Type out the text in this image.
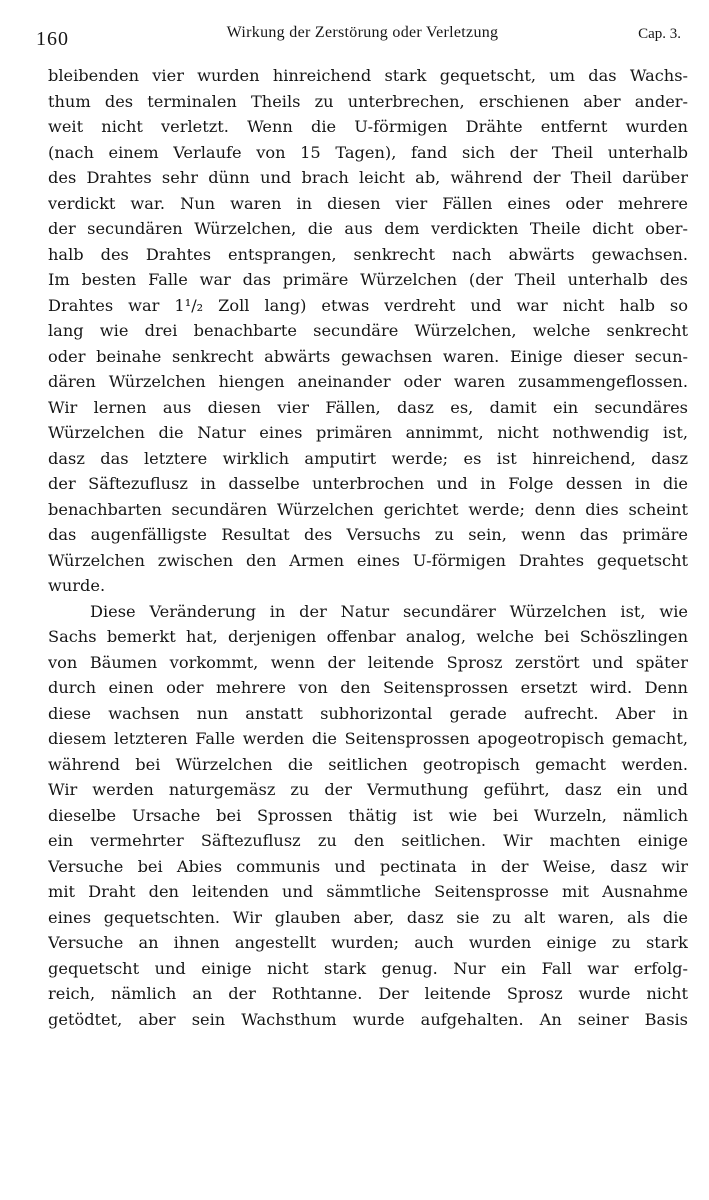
160	Wirkung der Zerstörung oder Verletzung	Cap. 3.
bleibenden vier wurden hinreichend stark gequetscht, um das Wachs-
thum des terminalen Theils zu unterbrechen, erschienen aber ander-
weit nicht verletzt. Wenn die U-förmigen Drähte entfernt wurden
(nach einem Verlaufe von 15 Tagen), fand sich der Theil unterhalb
des Drahtes sehr dünn und brach leicht ab, während der Theil darüber
verdickt war. Nun waren in diesen vier Fällen eines oder mehrere
der secundären Würzelchen, die aus dem verdickten Theile dicht ober-
halb des Drahtes entsprangen, senkrecht nach abwärts gewachsen.
Im besten Falle war das primäre Würzelchen (der Theil unterhalb des
Drahtes war 1¹/₂ Zoll lang) etwas verdreht und war nicht halb so
lang wie drei benachbarte secundäre Würzelchen, welche senkrecht
oder beinahe senkrecht abwärts gewachsen waren. Einige dieser secun-
dären Würzelchen hiengen aneinander oder waren zusammengeflossen.
Wir lernen aus diesen vier Fällen, dasz es, damit ein secundäres
Würzelchen die Natur eines primären annimmt, nicht nothwendig ist,
dasz das letztere wirklich amputirt werde; es ist hinreichend, dasz
der Säftezuflusz in dasselbe unterbrochen und in Folge dessen in die
benachbarten secundären Würzelchen gerichtet werde; denn dies scheint
das augenfälligste Resultat des Versuchs zu sein, wenn das primäre
Würzelchen zwischen den Armen eines U-förmigen Drahtes gequetscht
wurde.
Diese Veränderung in der Natur secundärer Würzelchen ist, wie
Sachs bemerkt hat, derjenigen offenbar analog, welche bei Schöszlingen
von Bäumen vorkommt, wenn der leitende Sprosz zerstört und später
durch einen oder mehrere von den Seitensprossen ersetzt wird. Denn
diese wachsen nun anstatt subhorizontal gerade aufrecht. Aber in
diesem letzteren Falle werden die Seitensprossen apogeotropisch gemacht,
während bei Würzelchen die seitlichen geotropisch gemacht werden.
Wir werden naturgemäsz zu der Vermuthung geführt, dasz ein und
dieselbe Ursache bei Sprossen thätig ist wie bei Wurzeln, nämlich
ein vermehrter Säftezuflusz zu den seitlichen. Wir machten einige
Versuche bei Abies communis und pectinata in der Weise, dasz wir
mit Draht den leitenden und sämmtliche Seitensprosse mit Ausnahme
eines gequetschten. Wir glauben aber, dasz sie zu alt waren, als die
Versuche an ihnen angestellt wurden; auch wurden einige zu stark
gequetscht und einige nicht stark genug. Nur ein Fall war erfolg-
reich, nämlich an der Rothtanne. Der leitende Sprosz wurde nicht
getödtet, aber sein Wachsthum wurde aufgehalten. An seiner Basis
